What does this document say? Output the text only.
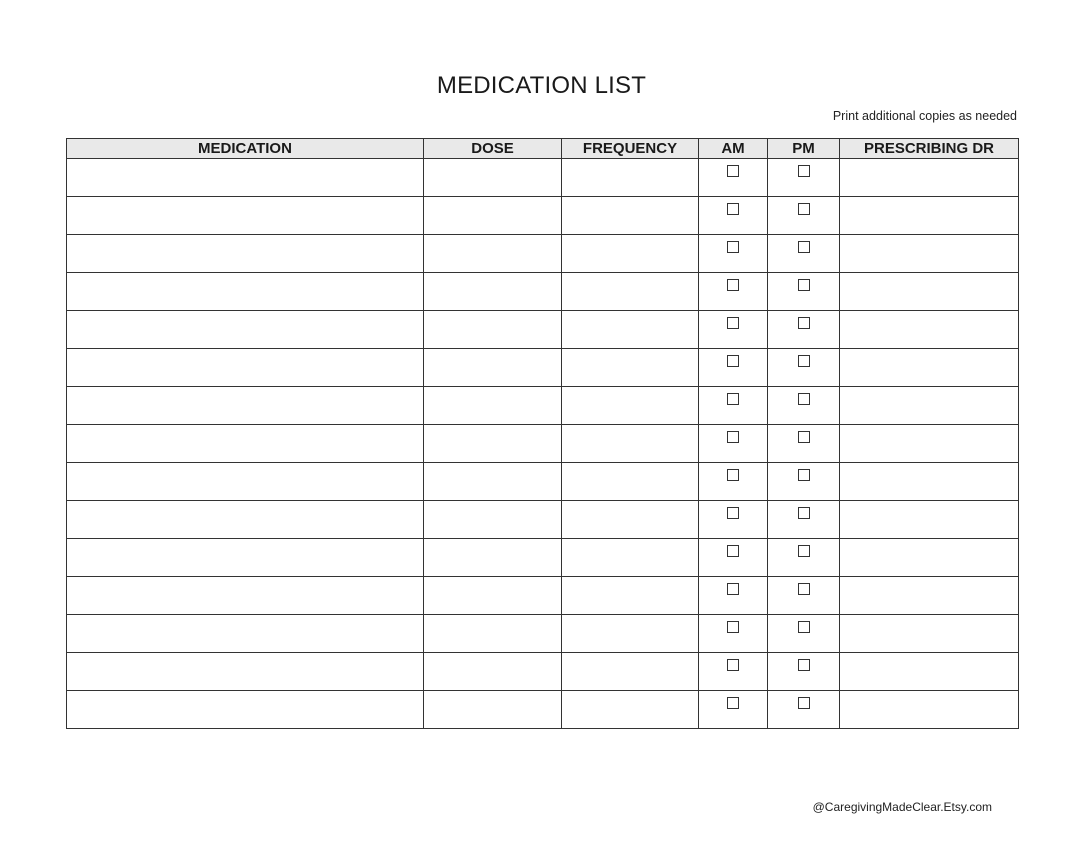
MEDICATION LIST
Print additional copies as needed
MEDICATION	DOSE	FREQUENCY	AM	PM	PRESCRIBING DR

@CaregivingMadeClear.Etsy.com
